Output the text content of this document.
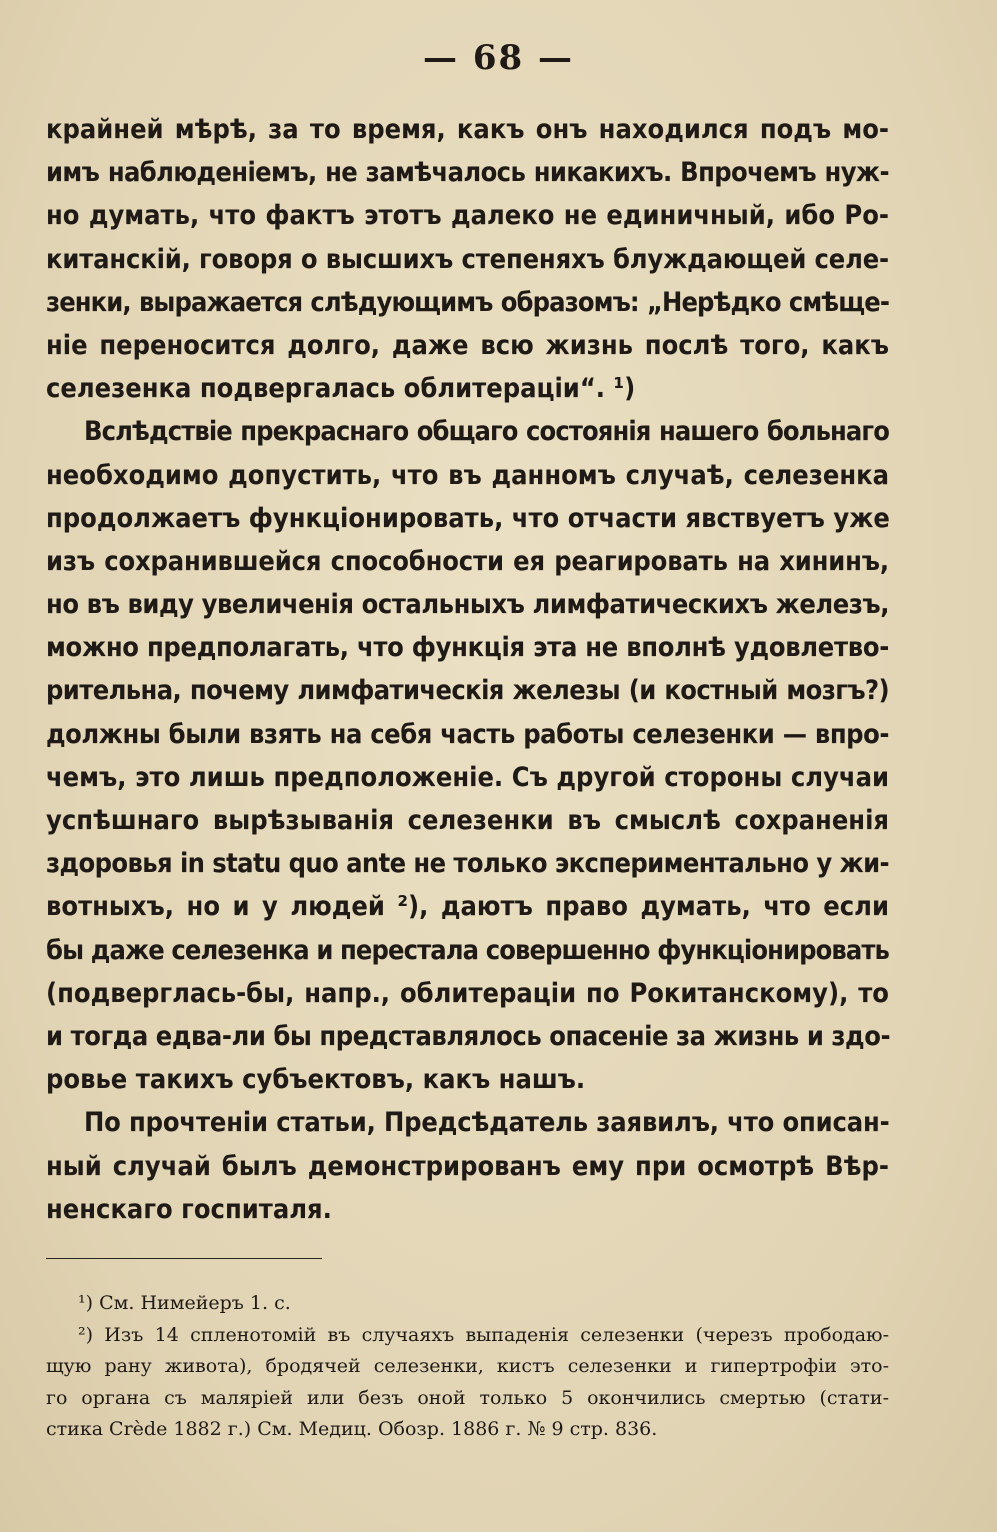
— 68 —
крайней мѣрѣ, за то время, какъ онъ находился подъ мо-
имъ наблюденіемъ, не замѣчалось никакихъ. Впрочемъ нуж-
но думать, что фактъ этотъ далеко не единичный, ибо Ро-
китанскій, говоря о высшихъ степеняхъ блуждающей селе-
зенки, выражается слѣдующимъ образомъ: „Нерѣдко смѣще-
ніе переносится долго, даже всю жизнь послѣ того, какъ
селезенка подвергалась облитераціи“. ¹)
Вслѣдствіе прекраснаго общаго состоянія нашего больнаго
необходимо допустить, что въ данномъ случаѣ, селезенка
продолжаетъ функціонировать, что отчасти явствуетъ уже
изъ сохранившейся способности ея реагировать на хининъ,
но въ виду увеличенія остальныхъ лимфатическихъ железъ,
можно предполагать, что функція эта не вполнѣ удовлетво-
рительна, почему лимфатическія железы (и костный мозгъ?)
должны были взять на себя часть работы селезенки — впро-
чемъ, это лишь предположеніе. Съ другой стороны случаи
успѣшнаго вырѣзыванія селезенки въ смыслѣ сохраненія
здоровья in statu quo ante не только экспериментально у жи-
вотныхъ, но и у людей ²), даютъ право думать, что если
бы даже селезенка и перестала совершенно функціонировать
(подверглась-бы, напр., облитераціи по Рокитанскому), то
и тогда едва-ли бы представлялось опасеніе за жизнь и здо-
ровье такихъ субъектовъ, какъ нашъ.
По прочтеніи статьи, Предсѣдатель заявилъ, что описан-
ный случай былъ демонстрированъ ему при осмотрѣ Вѣр-
ненскаго госпиталя.
¹) См. Нимейеръ 1. с.
²) Изъ 14 спленотомій въ случаяхъ выпаденія селезенки (черезъ прободаю-
щую рану живота), бродячей селезенки, кистъ селезенки и гипертрофіи это-
го органа съ маляріей или безъ оной только 5 окончились смертью (стати-
стика Crède 1882 г.) См. Медиц. Обозр. 1886 г. № 9 стр. 836.
